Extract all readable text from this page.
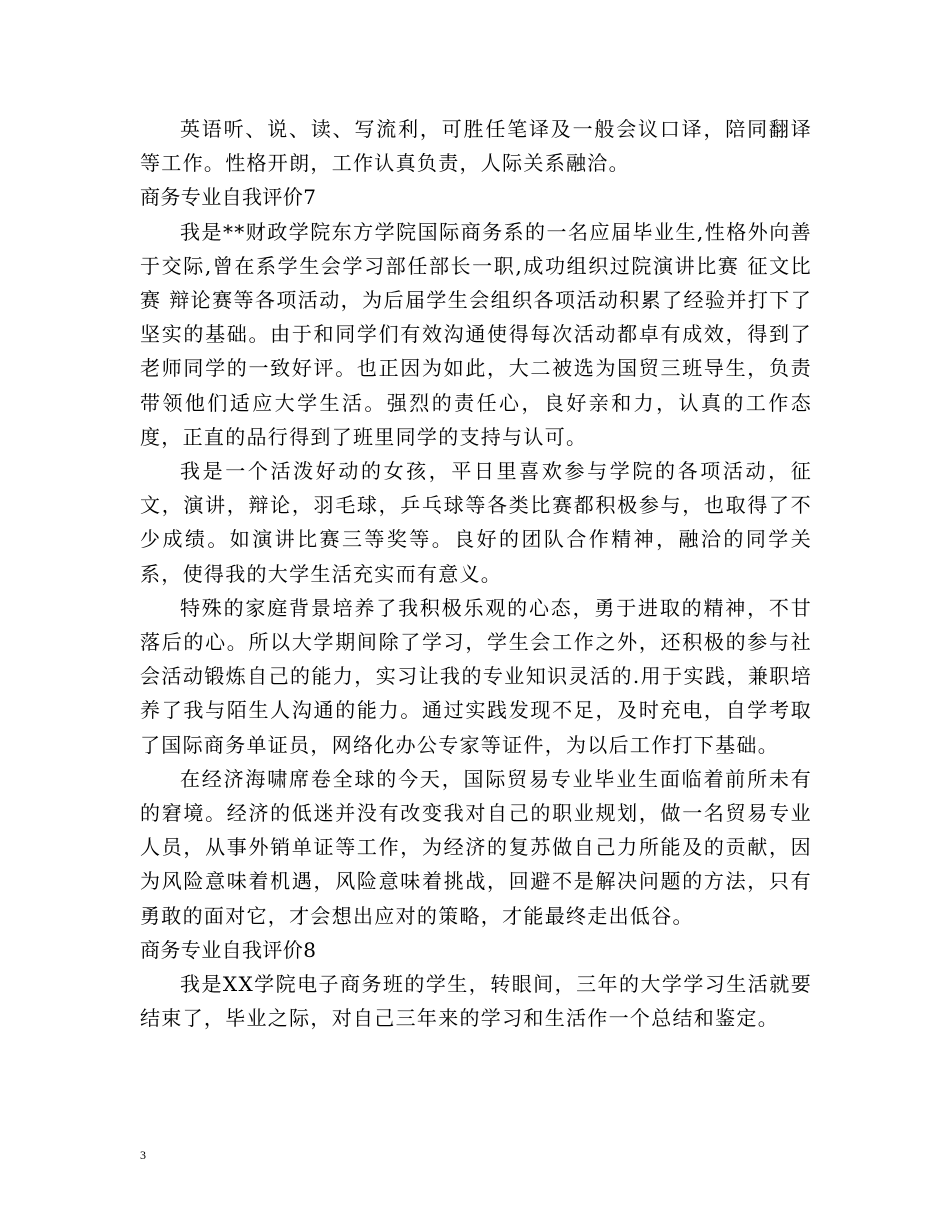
英语听、说、读、写流利，可胜任笔译及一般会议口译，陪同翻译等工作。性格开朗，工作认真负责，人际关系融洽。

商务专业自我评价7

我是**财政学院东方学院国际商务系的一名应届毕业生,性格外向善于交际,曾在系学生会学习部任部长一职,成功组织过院演讲比赛 征文比赛 辩论赛等各项活动，为后届学生会组织各项活动积累了经验并打下了坚实的基础。由于和同学们有效沟通使得每次活动都卓有成效，得到了老师同学的一致好评。也正因为如此，大二被选为国贸三班导生，负责带领他们适应大学生活。强烈的责任心，良好亲和力，认真的工作态度，正直的品行得到了班里同学的支持与认可。

我是一个活泼好动的女孩，平日里喜欢参与学院的各项活动，征文，演讲，辩论，羽毛球，乒乓球等各类比赛都积极参与，也取得了不少成绩。如演讲比赛三等奖等。良好的团队合作精神，融洽的同学关系，使得我的大学生活充实而有意义。

特殊的家庭背景培养了我积极乐观的心态，勇于进取的精神，不甘落后的心。所以大学期间除了学习，学生会工作之外，还积极的参与社会活动锻炼自己的能力，实习让我的专业知识灵活的.用于实践，兼职培养了我与陌生人沟通的能力。通过实践发现不足，及时充电，自学考取了国际商务单证员，网络化办公专家等证件，为以后工作打下基础。

在经济海啸席卷全球的今天，国际贸易专业毕业生面临着前所未有的窘境。经济的低迷并没有改变我对自己的职业规划，做一名贸易专业人员，从事外销单证等工作，为经济的复苏做自己力所能及的贡献，因为风险意味着机遇，风险意味着挑战，回避不是解决问题的方法，只有勇敢的面对它，才会想出应对的策略，才能最终走出低谷。

商务专业自我评价8

我是XX学院电子商务班的学生，转眼间，三年的大学学习生活就要结束了，毕业之际，对自己三年来的学习和生活作一个总结和鉴定。

3
